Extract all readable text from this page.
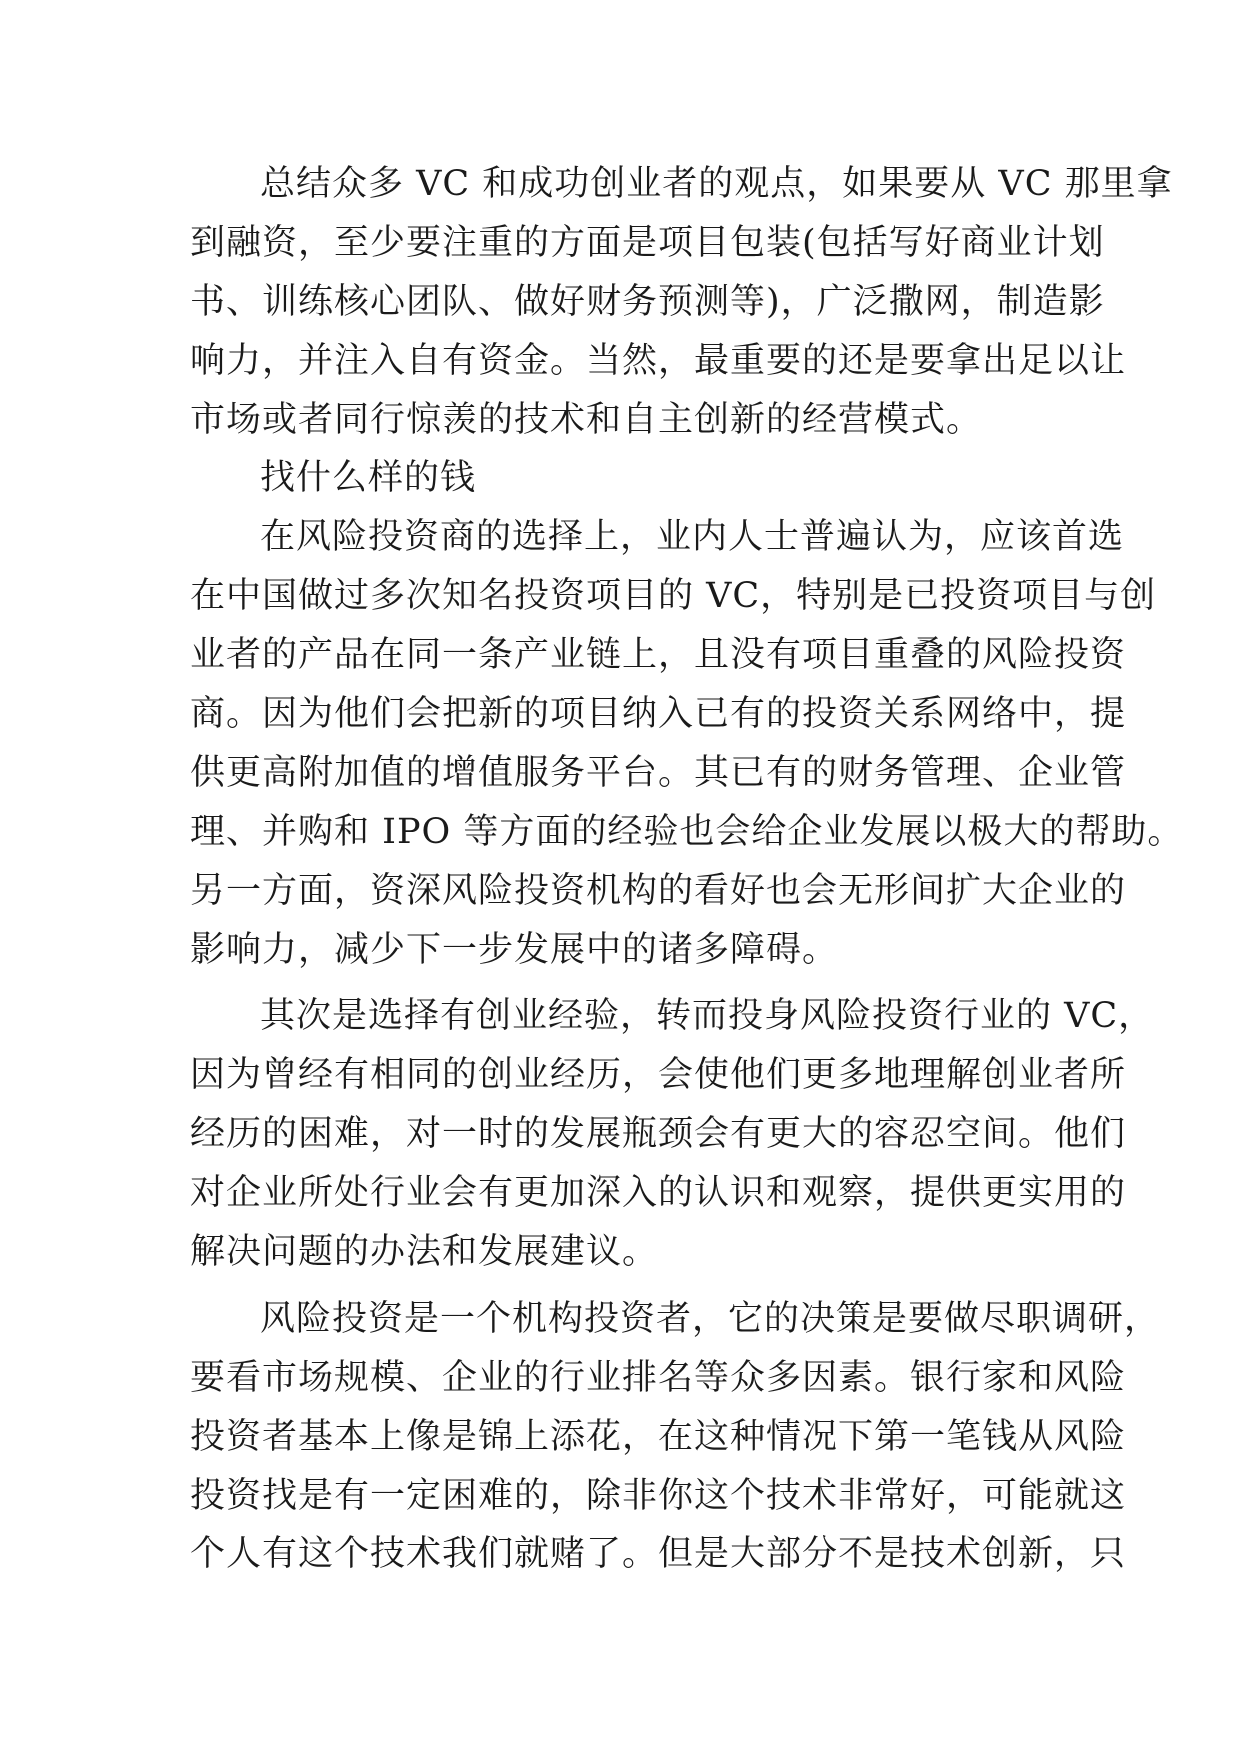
总结众多 VC 和成功创业者的观点，如果要从 VC 那里拿
到融资，至少要注重的方面是项目包装(包括写好商业计划
书、训练核心团队、做好财务预测等)，广泛撒网，制造影
响力，并注入自有资金。当然，最重要的还是要拿出足以让
市场或者同行惊羡的技术和自主创新的经营模式。
找什么样的钱
在风险投资商的选择上，业内人士普遍认为，应该首选
在中国做过多次知名投资项目的 VC，特别是已投资项目与创
业者的产品在同一条产业链上，且没有项目重叠的风险投资
商。因为他们会把新的项目纳入已有的投资关系网络中，提
供更高附加值的增值服务平台。其已有的财务管理、企业管
理、并购和 IPO 等方面的经验也会给企业发展以极大的帮助。
另一方面，资深风险投资机构的看好也会无形间扩大企业的
影响力，减少下一步发展中的诸多障碍。
其次是选择有创业经验，转而投身风险投资行业的 VC，
因为曾经有相同的创业经历，会使他们更多地理解创业者所
经历的困难，对一时的发展瓶颈会有更大的容忍空间。他们
对企业所处行业会有更加深入的认识和观察，提供更实用的
解决问题的办法和发展建议。
风险投资是一个机构投资者，它的决策是要做尽职调研，
要看市场规模、企业的行业排名等众多因素。银行家和风险
投资者基本上像是锦上添花，在这种情况下第一笔钱从风险
投资找是有一定困难的，除非你这个技术非常好，可能就这
个人有这个技术我们就赌了。但是大部分不是技术创新，只
